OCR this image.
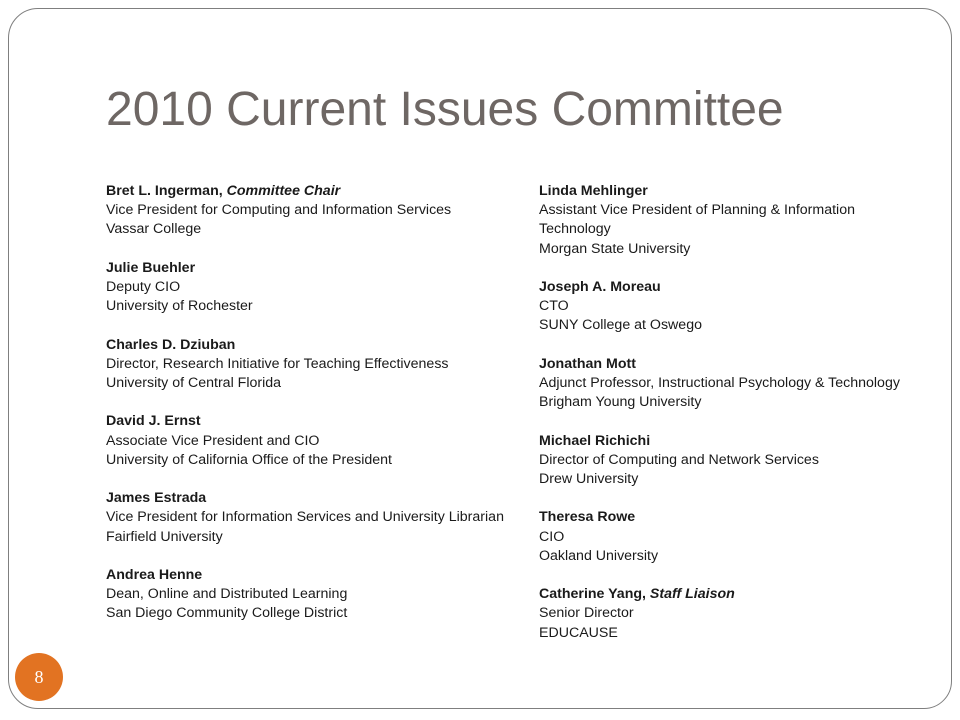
2010 Current Issues Committee
Bret L. Ingerman, Committee Chair
Vice President for Computing and Information Services
Vassar College
Julie Buehler
Deputy CIO
University of Rochester
Charles D. Dziuban
Director, Research Initiative for Teaching Effectiveness
University of Central Florida
David J. Ernst
Associate Vice President and CIO
University of California Office of the President
James Estrada
Vice President for Information Services and University Librarian
Fairfield University
Andrea Henne
Dean, Online and Distributed Learning
San Diego Community College District
Linda Mehlinger
Assistant Vice President of Planning & Information Technology
Morgan State University
Joseph A. Moreau
CTO
SUNY College at Oswego
Jonathan Mott
Adjunct Professor, Instructional Psychology & Technology
Brigham Young University
Michael Richichi
Director of Computing and Network Services
Drew University
Theresa Rowe
CIO
Oakland University
Catherine Yang, Staff Liaison
Senior Director
EDUCAUSE
8
